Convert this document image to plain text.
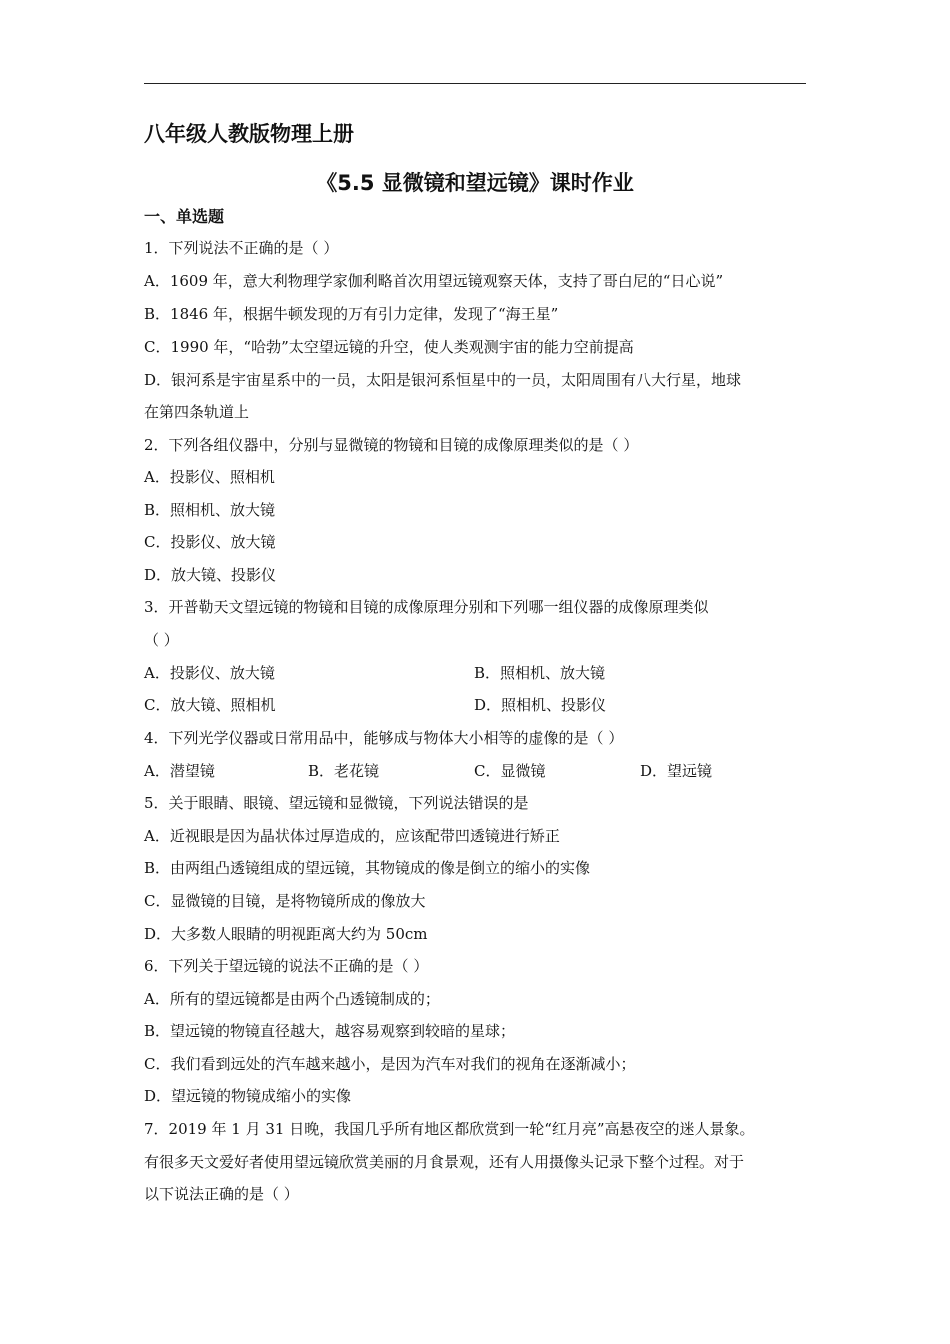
八年级人教版物理上册
《5.5 显微镜和望远镜》课时作业
一、单选题
1．下列说法不正确的是（ ）
A．1609 年，意大利物理学家伽利略首次用望远镜观察天体，支持了哥白尼的“日心说”
B．1846 年，根据牛顿发现的万有引力定律，发现了“海王星”
C．1990 年，“哈勃”太空望远镜的升空，使人类观测宇宙的能力空前提高
D．银河系是宇宙星系中的一员，太阳是银河系恒星中的一员，太阳周围有八大行星，地球
在第四条轨道上
2．下列各组仪器中，分别与显微镜的物镜和目镜的成像原理类似的是（ ）
A．投影仪、照相机
B．照相机、放大镜
C．投影仪、放大镜
D．放大镜、投影仪
3．开普勒天文望远镜的物镜和目镜的成像原理分别和下列哪一组仪器的成像原理类似
（ ）
A．投影仪、放大镜	B．照相机、放大镜
C．放大镜、照相机	D．照相机、投影仪
4．下列光学仪器或日常用品中，能够成与物体大小相等的虚像的是（ ）
A．潜望镜	B．老花镜	C．显微镜	D．望远镜
5．关于眼睛、眼镜、望远镜和显微镜，下列说法错误的是
A．近视眼是因为晶状体过厚造成的，应该配带凹透镜进行矫正
B．由两组凸透镜组成的望远镜，其物镜成的像是倒立的缩小的实像
C．显微镜的目镜，是将物镜所成的像放大
D．大多数人眼睛的明视距离大约为 50cm
6．下列关于望远镜的说法不正确的是（ ）
A．所有的望远镜都是由两个凸透镜制成的；
B．望远镜的物镜直径越大，越容易观察到较暗的星球；
C．我们看到远处的汽车越来越小，是因为汽车对我们的视角在逐渐减小；
D．望远镜的物镜成缩小的实像
7．2019 年 1 月 31 日晚，我国几乎所有地区都欣赏到一轮“红月亮”高悬夜空的迷人景象。
有很多天文爱好者使用望远镜欣赏美丽的月食景观，还有人用摄像头记录下整个过程。对于
以下说法正确的是（ ）
